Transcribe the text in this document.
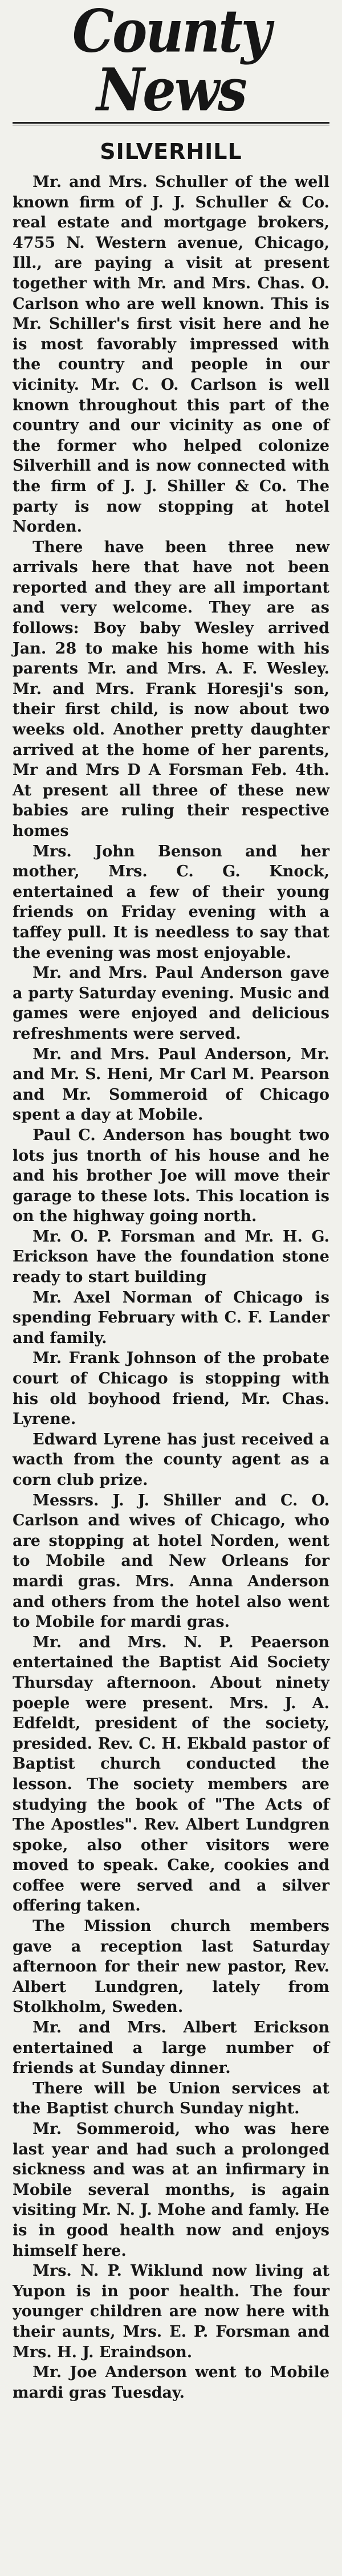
County News
SILVERHILL

Mr. and Mrs. Schuller of the well known firm of J. J. Schuller & Co. real estate and mortgage brokers, 4755 N. Western avenue, Chicago, Ill., are paying a visit at present together with Mr. and Mrs. Chas. O. Carlson who are well known. This is Mr. Schiller's first visit here and he is most favorably impressed with the country and people in our vicinity. Mr. C. O. Carlson is well known throughout this part of the country and our vicinity as one of the former who helped colonize Silverhill and is now connected with the firm of J. J. Shiller & Co. The party is now stopping at hotel Norden.

There have been three new arrivals here that have not been reported and they are all important and very welcome. They are as follows: Boy baby Wesley arrived Jan. 28 to make his home with his parents Mr. and Mrs. A. F. Wesley. Mr. and Mrs. Frank Horesji's son, their first child, is now about two weeks old. Another pretty daughter arrived at the home of her parents, Mr and Mrs D A Forsman Feb. 4th. At present all three of these new babies are ruling their respective homes

Mrs. John Benson and her mother, Mrs. C. G. Knock, entertained a few of their young friends on Friday evening with a taffey pull. It is needless to say that the evening was most enjoyable.

Mr. and Mrs. Paul Anderson gave a party Saturday evening. Music and games were enjoyed and delicious refreshments were served.

Mr. and Mrs. Paul Anderson, Mr. and Mr. S. Heni, Mr Carl M. Pearson and Mr. Sommeroid of Chicago spent a day at Mobile.

Paul C. Anderson has bought two lots jus tnorth of his house and he and his brother Joe will move their garage to these lots. This location is on the highway going north.

Mr. O. P. Forsman and Mr. H. G. Erickson have the foundation stone ready to start building

Mr. Axel Norman of Chicago is spending February with C. F. Lander and family.

Mr. Frank Johnson of the probate court of Chicago is stopping with his old boyhood friend, Mr. Chas. Lyrene.

Edward Lyrene has just received a wacth from the county agent as a corn club prize.

Messrs. J. J. Shiller and C. O. Carlson and wives of Chicago, who are stopping at hotel Norden, went to Mobile and New Orleans for mardi gras. Mrs. Anna Anderson and others from the hotel also went to Mobile for mardi gras.

Mr. and Mrs. N. P. Peaerson entertained the Baptist Aid Society Thursday afternoon. About ninety poeple were present. Mrs. J. A. Edfeldt, president of the society, presided. Rev. C. H. Ekbald pastor of Baptist church conducted the lesson. The society members are studying the book of "The Acts of The Apostles". Rev. Albert Lundgren spoke, also other visitors were moved to speak. Cake, cookies and coffee were served and a silver offering taken.

The Mission church members gave a reception last Saturday afternoon for their new pastor, Rev. Albert Lundgren, lately from Stolkholm, Sweden.

Mr. and Mrs. Albert Erickson entertained a large number of friends at Sunday dinner.

There will be Union services at the Baptist church Sunday night.

Mr. Sommeroid, who was here last year and had such a prolonged sickness and was at an infirmary in Mobile several months, is again visiting Mr. N. J. Mohe and famly. He is in good health now and enjoys himself here.

Mrs. N. P. Wiklund now living at Yupon is in poor health. The four younger children are now here with their aunts, Mrs. E. P. Forsman and Mrs. H. J. Eraindson.

Mr. Joe Anderson went to Mobile mardi gras Tuesday.
